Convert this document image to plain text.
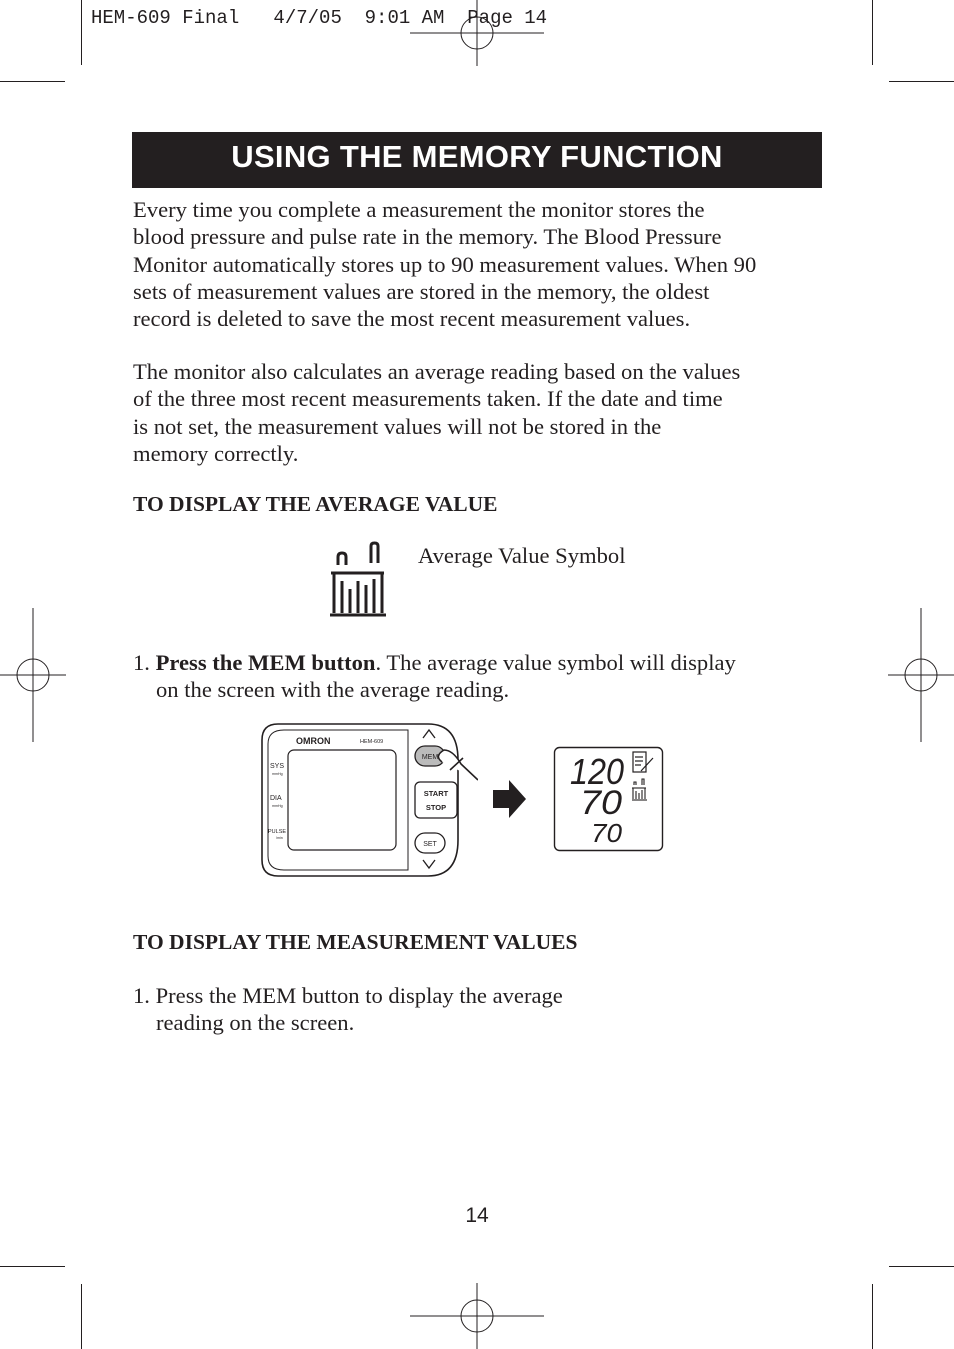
HEM-609 Final   4/7/05  9:01 AM  Page 14
USING THE MEMORY FUNCTION
Every time you complete a measurement the monitor stores the
blood pressure and pulse rate in the memory. The Blood Pressure
Monitor automatically stores up to 90 measurement values. When 90
sets of measurement values are stored in the memory, the oldest
record is deleted to save the most recent measurement values.
The monitor also calculates an average reading based on the values
of the three most recent measurements taken. If the date and time
is not set, the measurement values will not be stored in the
memory correctly.
TO DISPLAY THE AVERAGE VALUE
Average Value Symbol
1. Press the MEM button. The average value symbol will display
on the screen with the average reading.
OMRON	HEM-609
SYS
mmHg
DIA
mmHg
PULSE
/min
MEM
START
STOP
SET
120
70
70
TO DISPLAY THE MEASUREMENT VALUES
1. Press the MEM button to display the average
reading on the screen.
14
